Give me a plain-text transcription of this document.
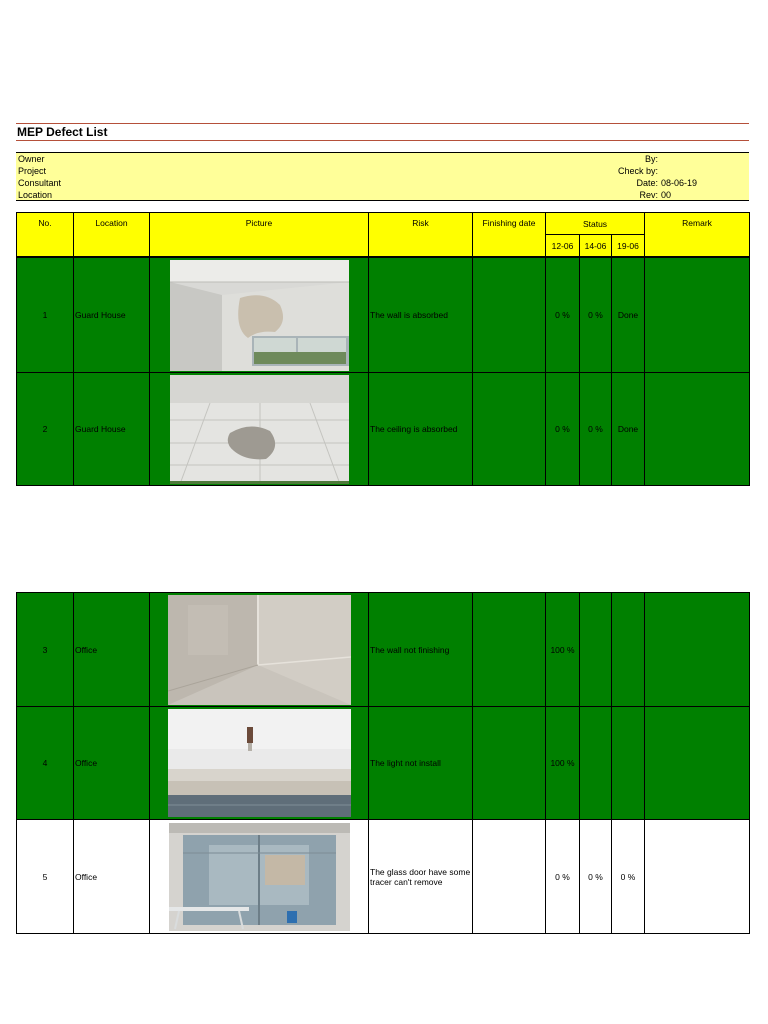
MEP Defect List
Owner
Project
Consultant
Location
By:
Check by:
Date: 08-06-19
Rev: 00
No.	Location	Picture	Risk	Finishing date	Status			Remark
					12-06	14-06	19-06	
1	Guard House		The wall is absorbed		0 %	0 %	Done	
2	Guard House		The ceiling is absorbed		0 %	0 %	Done	
3	Office		The wall not finishing		100 %			
4	Office		The light not install		100 %			
5	Office		The glass door have some tracer can't remove		0 %	0 %	0 %	
